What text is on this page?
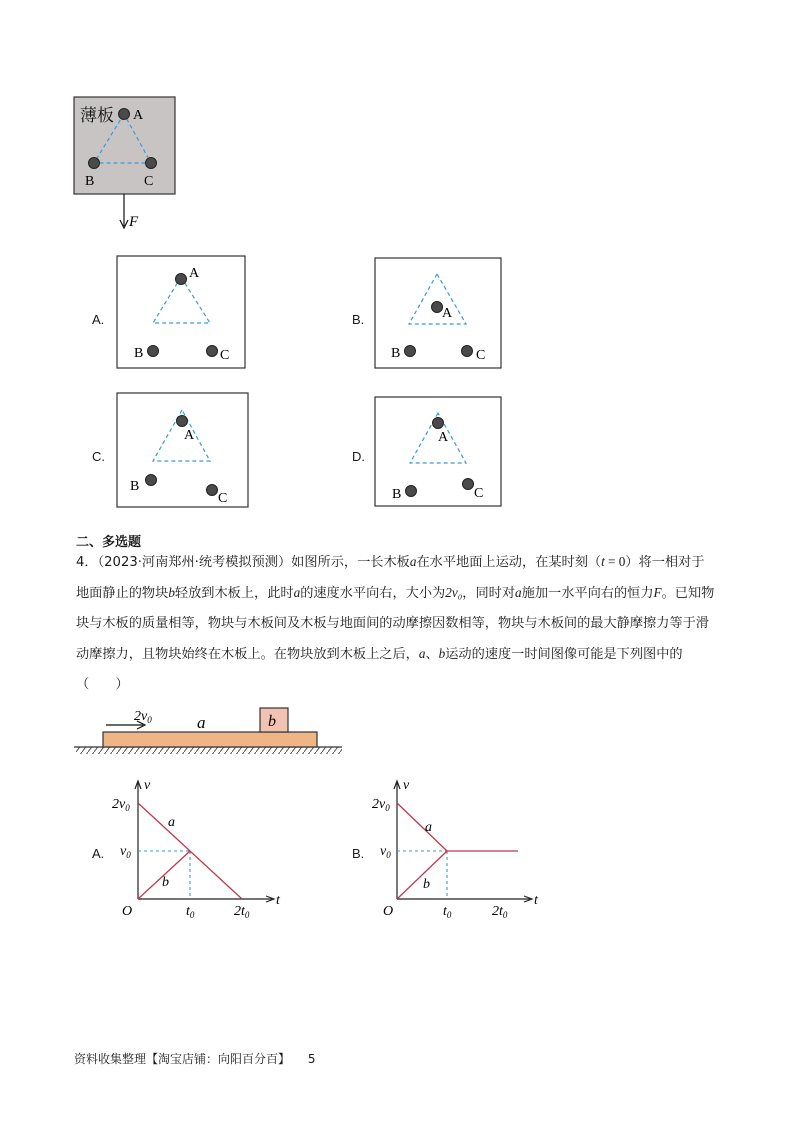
薄板 A
B	C
F
A.
A
B	C
B.	A
B	C
C.
A
B
C
D.
A
B	C
二、多选题
4．（2023·河南郑州·统考模拟预测）如图所示，一长木板a在水平地面上运动，在某时刻（t = 0）将一相对于地面静止的物块b轻放到木板上，此时a的速度水平向右，大小为2v₀，同时对a施加一水平向右的恒力F。已知物块与木板的质量相等，物块与木板间及木板与地面间的动摩擦因数相等，物块与木板间的最大静摩擦力等于滑动摩擦力，且物块始终在木板上。在物块放到木板上之后，a、b运动的速度一时间图像可能是下列图中的（　　）
b
a
$2v_0$
A.
v
t
O
$2v_0$
$v_0$
$t_0$	$2t_0$
a
b
B.
v
t
O
$2v_0$
$v_0$
$t_0$	$2t_0$
a
b
资料收集整理【淘宝店铺：向阳百分百】 5
